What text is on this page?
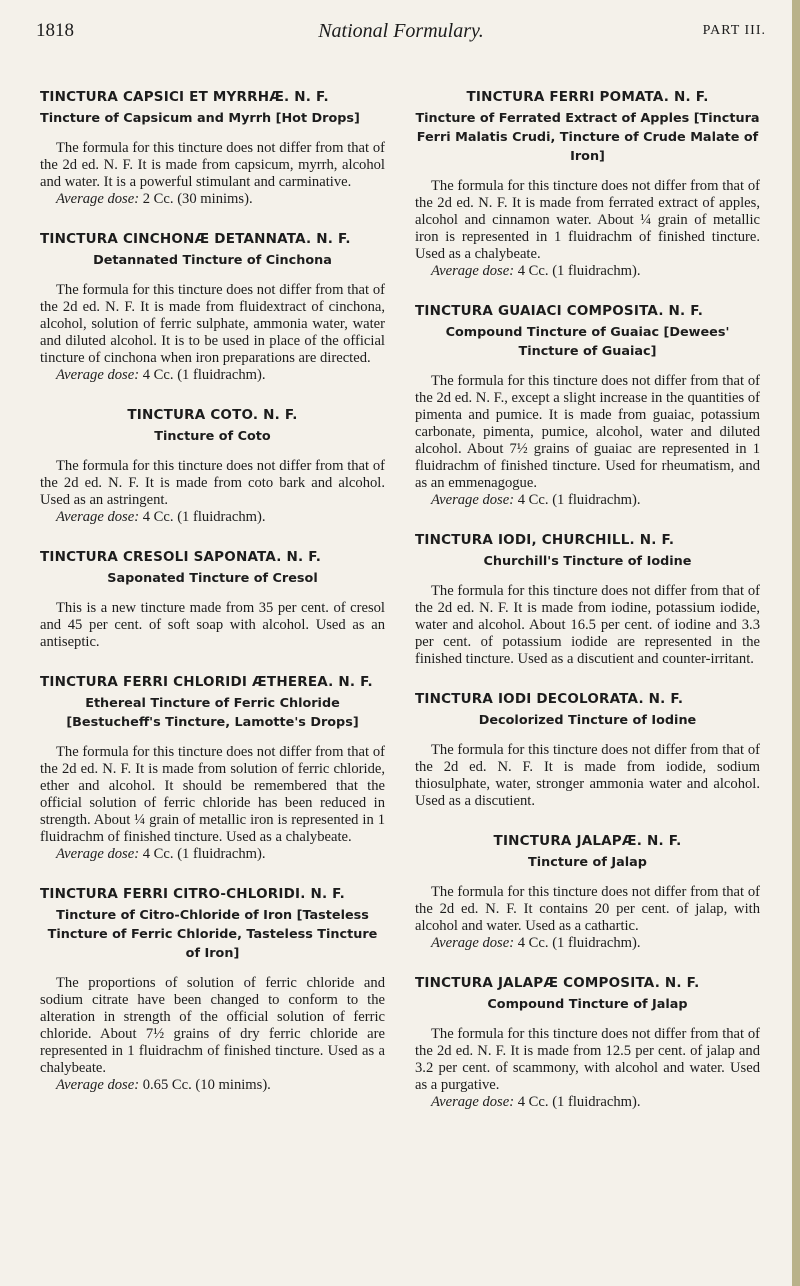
1818	National Formulary.	PART III.

TINCTURA CAPSICI ET MYRRHÆ. N. F.

Tincture of Capsicum and Myrrh [Hot Drops]

The formula for this tincture does not differ from that of the 2d ed. N. F. It is made from capsicum, myrrh, alcohol and water. It is a powerful stimulant and carminative.

Average dose: 2 Cc. (30 minims).

TINCTURA CINCHONÆ DETANNATA. N. F.

Detannated Tincture of Cinchona

The formula for this tincture does not differ from that of the 2d ed. N. F. It is made from fluidextract of cinchona, alcohol, solution of ferric sulphate, ammonia water, water and diluted alcohol. It is to be used in place of the official tincture of cinchona when iron preparations are directed.

Average dose: 4 Cc. (1 fluidrachm).

TINCTURA COTO. N. F.

Tincture of Coto

The formula for this tincture does not differ from that of the 2d ed. N. F. It is made from coto bark and alcohol. Used as an astringent.

Average dose: 4 Cc. (1 fluidrachm).

TINCTURA CRESOLI SAPONATA. N. F.

Saponated Tincture of Cresol

This is a new tincture made from 35 per cent. of cresol and 45 per cent. of soft soap with alcohol. Used as an antiseptic.

TINCTURA FERRI CHLORIDI ÆTHEREA. N. F.

Ethereal Tincture of Ferric Chloride [Bestucheff's Tincture, Lamotte's Drops]

The formula for this tincture does not differ from that of the 2d ed. N. F. It is made from solution of ferric chloride, ether and alcohol. It should be remembered that the official solution of ferric chloride has been reduced in strength. About ¼ grain of metallic iron is represented in 1 fluidrachm of finished tincture. Used as a chalybeate.

Average dose: 4 Cc. (1 fluidrachm).

TINCTURA FERRI CITRO-CHLORIDI. N. F.

Tincture of Citro-Chloride of Iron [Tasteless Tincture of Ferric Chloride, Tasteless Tincture of Iron]

The proportions of solution of ferric chloride and sodium citrate have been changed to conform to the alteration in strength of the official solution of ferric chloride. About 7½ grains of dry ferric chloride are represented in 1 fluidrachm of finished tincture. Used as a chalybeate.

Average dose: 0.65 Cc. (10 minims).

TINCTURA FERRI POMATA. N. F.

Tincture of Ferrated Extract of Apples [Tinctura Ferri Malatis Crudi, Tincture of Crude Malate of Iron]

The formula for this tincture does not differ from that of the 2d ed. N. F. It is made from ferrated extract of apples, alcohol and cinnamon water. About ¼ grain of metallic iron is represented in 1 fluidrachm of finished tincture. Used as a chalybeate.

Average dose: 4 Cc. (1 fluidrachm).

TINCTURA GUAIACI COMPOSITA. N. F.

Compound Tincture of Guaiac [Dewees' Tincture of Guaiac]

The formula for this tincture does not differ from that of the 2d ed. N. F., except a slight increase in the quantities of pimenta and pumice. It is made from guaiac, potassium carbonate, pimenta, pumice, alcohol, water and diluted alcohol. About 7½ grains of guaiac are represented in 1 fluidrachm of finished tincture. Used for rheumatism, and as an emmenagogue.

Average dose: 4 Cc. (1 fluidrachm).

TINCTURA IODI, CHURCHILL. N. F.

Churchill's Tincture of Iodine

The formula for this tincture does not differ from that of the 2d ed. N. F. It is made from iodine, potassium iodide, water and alcohol. About 16.5 per cent. of iodine and 3.3 per cent. of potassium iodide are represented in the finished tincture. Used as a discutient and counter-irritant.

TINCTURA IODI DECOLORATA. N. F.

Decolorized Tincture of Iodine

The formula for this tincture does not differ from that of the 2d ed. N. F. It is made from iodide, sodium thiosulphate, water, stronger ammonia water and alcohol. Used as a discutient.

TINCTURA JALAPÆ. N. F.

Tincture of Jalap

The formula for this tincture does not differ from that of the 2d ed. N. F. It contains 20 per cent. of jalap, with alcohol and water. Used as a cathartic.

Average dose: 4 Cc. (1 fluidrachm).

TINCTURA JALAPÆ COMPOSITA. N. F.

Compound Tincture of Jalap

The formula for this tincture does not differ from that of the 2d ed. N. F. It is made from 12.5 per cent. of jalap and 3.2 per cent. of scammony, with alcohol and water. Used as a purgative.

Average dose: 4 Cc. (1 fluidrachm).
